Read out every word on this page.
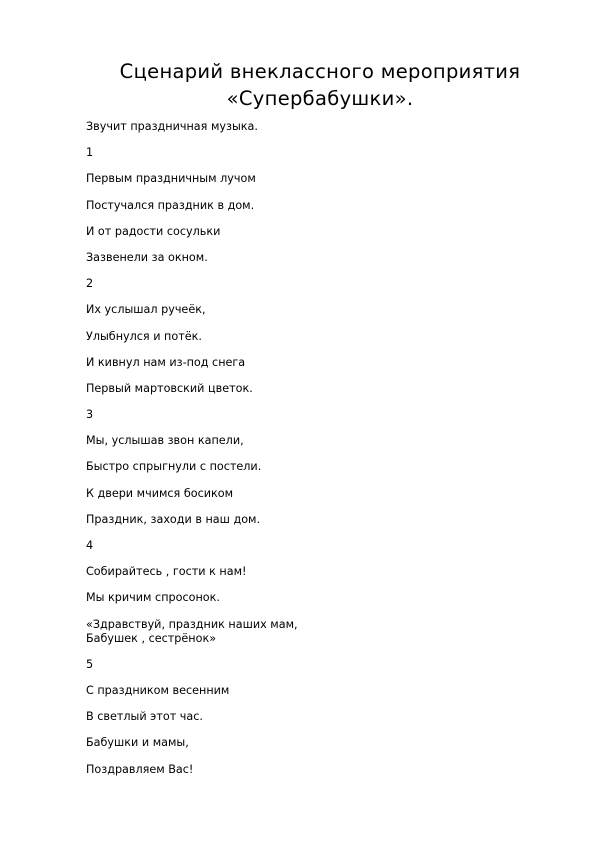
Сценарий внеклассного мероприятия
«Супербабушки».

Звучит праздничная музыка.

1

Первым праздничным лучом

Постучался праздник в дом.

И от радости сосульки

Зазвенели за окном.

2

Их услышал ручеёк,

Улыбнулся и потёк.

И кивнул нам из-под снега

Первый мартовский цветок.

3

Мы, услышав звон капели,

Быстро спрыгнули с постели.

К двери мчимся босиком

Праздник, заходи в наш дом.

4

Собирайтесь , гости к нам!

Мы кричим спросонок.

«Здравствуй, праздник наших мам,
Бабушек , сестрёнок»

5

С праздником весенним

В светлый этот час.

Бабушки и мамы,

Поздравляем Вас!
